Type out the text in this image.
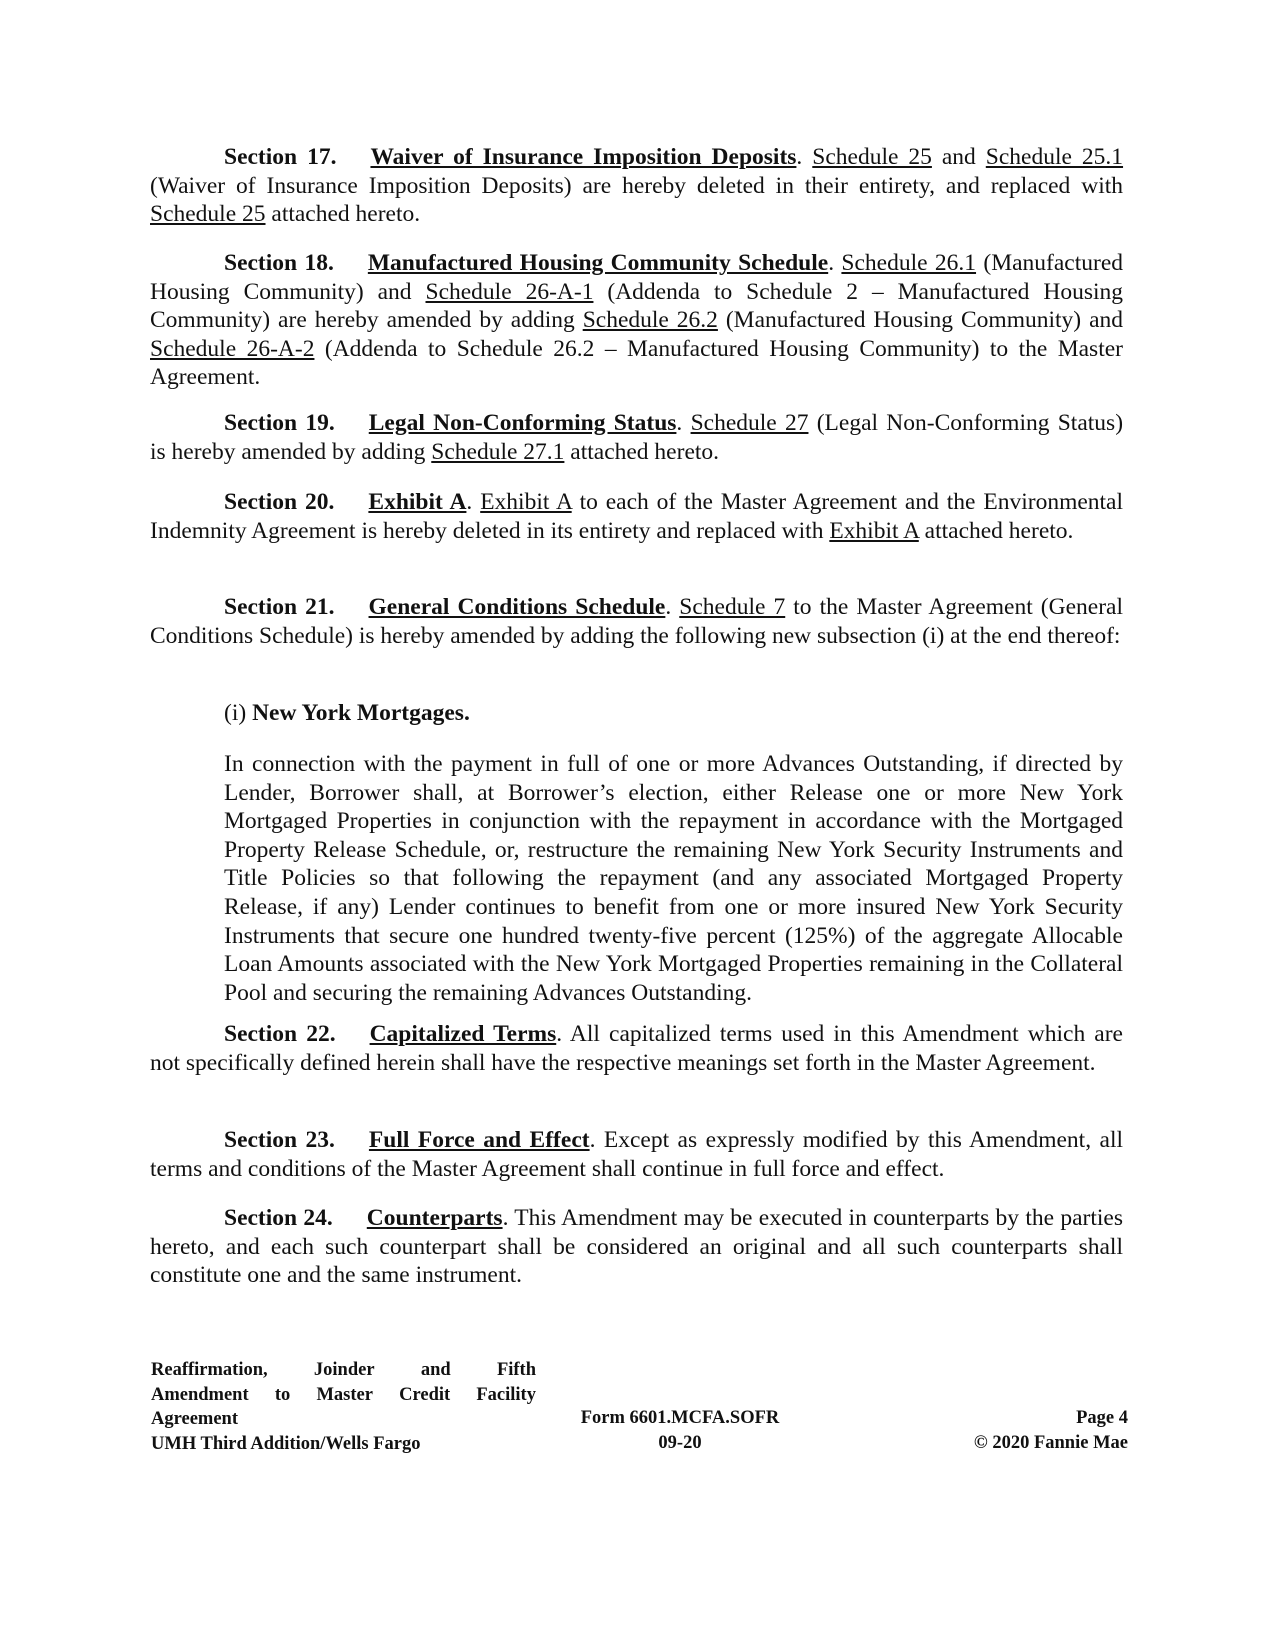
Section 17. Waiver of Insurance Imposition Deposits. Schedule 25 and Schedule 25.1 (Waiver of Insurance Imposition Deposits) are hereby deleted in their entirety, and replaced with Schedule 25 attached hereto.

Section 18. Manufactured Housing Community Schedule. Schedule 26.1 (Manufactured Housing Community) and Schedule 26-A-1 (Addenda to Schedule 2 – Manufactured Housing Community) are hereby amended by adding Schedule 26.2 (Manufactured Housing Community) and Schedule 26-A-2 (Addenda to Schedule 26.2 – Manufactured Housing Community) to the Master Agreement.

Section 19. Legal Non-Conforming Status. Schedule 27 (Legal Non-Conforming Status) is hereby amended by adding Schedule 27.1 attached hereto.

Section 20. Exhibit A. Exhibit A to each of the Master Agreement and the Environmental Indemnity Agreement is hereby deleted in its entirety and replaced with Exhibit A attached hereto.

Section 21. General Conditions Schedule. Schedule 7 to the Master Agreement (General Conditions Schedule) is hereby amended by adding the following new subsection (i) at the end thereof:

(i) New York Mortgages.

In connection with the payment in full of one or more Advances Outstanding, if directed by Lender, Borrower shall, at Borrower’s election, either Release one or more New York Mortgaged Properties in conjunction with the repayment in accordance with the Mortgaged Property Release Schedule, or, restructure the remaining New York Security Instruments and Title Policies so that following the repayment (and any associated Mortgaged Property Release, if any) Lender continues to benefit from one or more insured New York Security Instruments that secure one hundred twenty-five percent (125%) of the aggregate Allocable Loan Amounts associated with the New York Mortgaged Properties remaining in the Collateral Pool and securing the remaining Advances Outstanding.

Section 22. Capitalized Terms. All capitalized terms used in this Amendment which are not specifically defined herein shall have the respective meanings set forth in the Master Agreement.

Section 23. Full Force and Effect. Except as expressly modified by this Amendment, all terms and conditions of the Master Agreement shall continue in full force and effect.

Section 24. Counterparts. This Amendment may be executed in counterparts by the parties hereto, and each such counterpart shall be considered an original and all such counterparts shall constitute one and the same instrument.

Reaffirmation,	Joinder	and	Fifth
Amendment to Master Credit Facility
Agreement
UMH Third Addition/Wells Fargo
Form 6601.MCFA.SOFR
09-20
Page 4
© 2020 Fannie Mae
